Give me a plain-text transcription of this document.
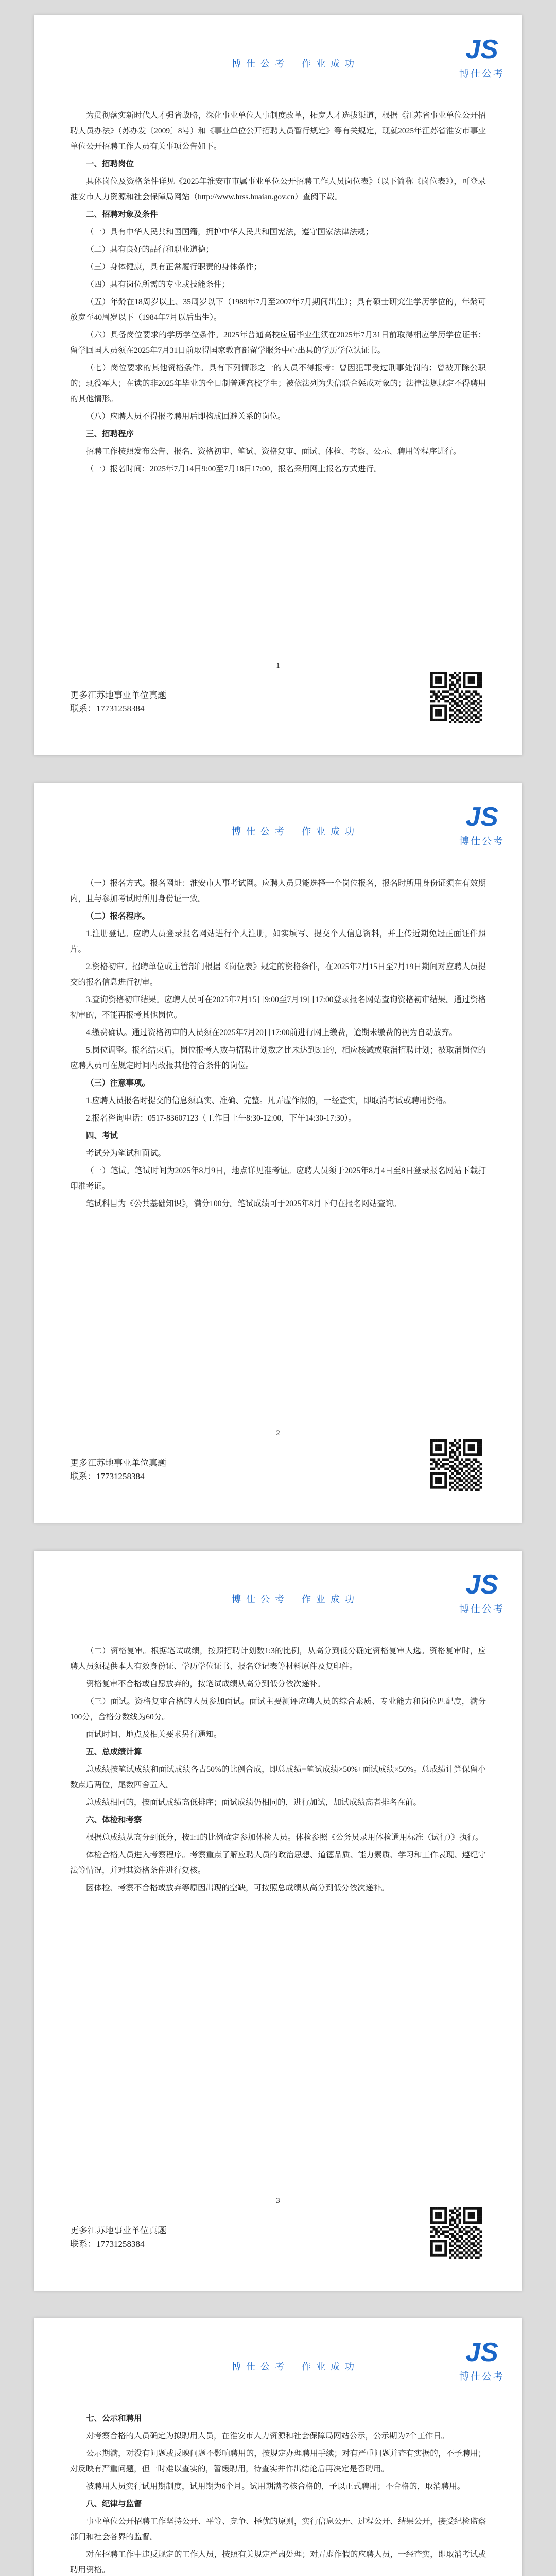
博仕公考 作业成功	JS
博仕公考

为贯彻落实新时代人才强省战略，深化事业单位人事制度改革，拓宽人才选拔渠道，根据《江苏省事业单位公开招聘人员办法》（苏办发〔2009〕8号）和《事业单位公开招聘人员暂行规定》等有关规定，现就2025年江苏省淮安市事业单位公开招聘工作人员有关事项公告如下。

一、招聘岗位

具体岗位及资格条件详见《2025年淮安市市属事业单位公开招聘工作人员岗位表》（以下简称《岗位表》），可登录淮安市人力资源和社会保障局网站（http://www.hrss.huaian.gov.cn）查阅下载。

二、招聘对象及条件

（一）具有中华人民共和国国籍，拥护中华人民共和国宪法，遵守国家法律法规；

（二）具有良好的品行和职业道德；

（三）身体健康，具有正常履行职责的身体条件；

（四）具有岗位所需的专业或技能条件；

（五）年龄在18周岁以上、35周岁以下（1989年7月至2007年7月期间出生）；具有硕士研究生学历学位的，年龄可放宽至40周岁以下（1984年7月以后出生）。

（六）具备岗位要求的学历学位条件。2025年普通高校应届毕业生须在2025年7月31日前取得相应学历学位证书；留学回国人员须在2025年7月31日前取得国家教育部留学服务中心出具的学历学位认证书。

（七）岗位要求的其他资格条件。具有下列情形之一的人员不得报考：曾因犯罪受过刑事处罚的；曾被开除公职的；现役军人；在读的非2025年毕业的全日制普通高校学生；被依法列为失信联合惩戒对象的；法律法规规定不得聘用的其他情形。

（八）应聘人员不得报考聘用后即构成回避关系的岗位。

三、招聘程序

招聘工作按照发布公告、报名、资格初审、笔试、资格复审、面试、体检、考察、公示、聘用等程序进行。

（一）报名时间：2025年7月14日9:00至7月18日17:00，报名采用网上报名方式进行。

1
更多江苏地事业单位真题
联系：17731258384
博仕公考 作业成功	JS
博仕公考

（一）报名方式。报名网址：淮安市人事考试网。应聘人员只能选择一个岗位报名，报名时所用身份证须在有效期内，且与参加考试时所用身份证一致。

（二）报名程序。

1.注册登记。应聘人员登录报名网站进行个人注册，如实填写、提交个人信息资料，并上传近期免冠正面证件照片。

2.资格初审。招聘单位或主管部门根据《岗位表》规定的资格条件，在2025年7月15日至7月19日期间对应聘人员提交的报名信息进行初审。

3.查询资格初审结果。应聘人员可在2025年7月15日9:00至7月19日17:00登录报名网站查询资格初审结果。通过资格初审的，不能再报考其他岗位。

4.缴费确认。通过资格初审的人员须在2025年7月20日17:00前进行网上缴费，逾期未缴费的视为自动放弃。

5.岗位调整。报名结束后，岗位报考人数与招聘计划数之比未达到3:1的，相应核减或取消招聘计划；被取消岗位的应聘人员可在规定时间内改报其他符合条件的岗位。

（三）注意事项。

1.应聘人员报名时提交的信息须真实、准确、完整。凡弄虚作假的，一经查实，即取消考试或聘用资格。

2.报名咨询电话：0517-83607123（工作日上午8:30-12:00，下午14:30-17:30）。

四、考试

考试分为笔试和面试。

（一）笔试。笔试时间为2025年8月9日，地点详见准考证。应聘人员须于2025年8月4日至8日登录报名网站下载打印准考证。

笔试科目为《公共基础知识》，满分100分。笔试成绩可于2025年8月下旬在报名网站查询。

2
更多江苏地事业单位真题
联系：17731258384
博仕公考 作业成功	JS
博仕公考

（二）资格复审。根据笔试成绩，按照招聘计划数1:3的比例，从高分到低分确定资格复审人选。资格复审时，应聘人员须提供本人有效身份证、学历学位证书、报名登记表等材料原件及复印件。

资格复审不合格或自愿放弃的，按笔试成绩从高分到低分依次递补。

（三）面试。资格复审合格的人员参加面试。面试主要测评应聘人员的综合素质、专业能力和岗位匹配度，满分100分，合格分数线为60分。

面试时间、地点及相关要求另行通知。

五、总成绩计算

总成绩按笔试成绩和面试成绩各占50%的比例合成，即总成绩=笔试成绩×50%+面试成绩×50%。总成绩计算保留小数点后两位，尾数四舍五入。

总成绩相同的，按面试成绩高低排序；面试成绩仍相同的，进行加试，加试成绩高者排名在前。

六、体检和考察

根据总成绩从高分到低分，按1:1的比例确定参加体检人员。体检参照《公务员录用体检通用标准（试行）》执行。

体检合格人员进入考察程序。考察重点了解应聘人员的政治思想、道德品质、能力素质、学习和工作表现、遵纪守法等情况，并对其资格条件进行复核。

因体检、考察不合格或放弃等原因出现的空缺，可按照总成绩从高分到低分依次递补。

3
更多江苏地事业单位真题
联系：17731258384
博仕公考 作业成功	JS
博仕公考

七、公示和聘用

对考察合格的人员确定为拟聘用人员，在淮安市人力资源和社会保障局网站公示，公示期为7个工作日。

公示期满，对没有问题或反映问题不影响聘用的，按规定办理聘用手续；对有严重问题并查有实据的，不予聘用；对反映有严重问题，但一时难以查实的，暂缓聘用，待查实并作出结论后再决定是否聘用。

被聘用人员实行试用期制度，试用期为6个月。试用期满考核合格的，予以正式聘用；不合格的，取消聘用。

八、纪律与监督

事业单位公开招聘工作坚持公开、平等、竞争、择优的原则，实行信息公开、过程公开、结果公开，接受纪检监察部门和社会各界的监督。

对在招聘工作中违反规定的工作人员，按照有关规定严肃处理；对弄虚作假的应聘人员，一经查实，即取消考试或聘用资格。
